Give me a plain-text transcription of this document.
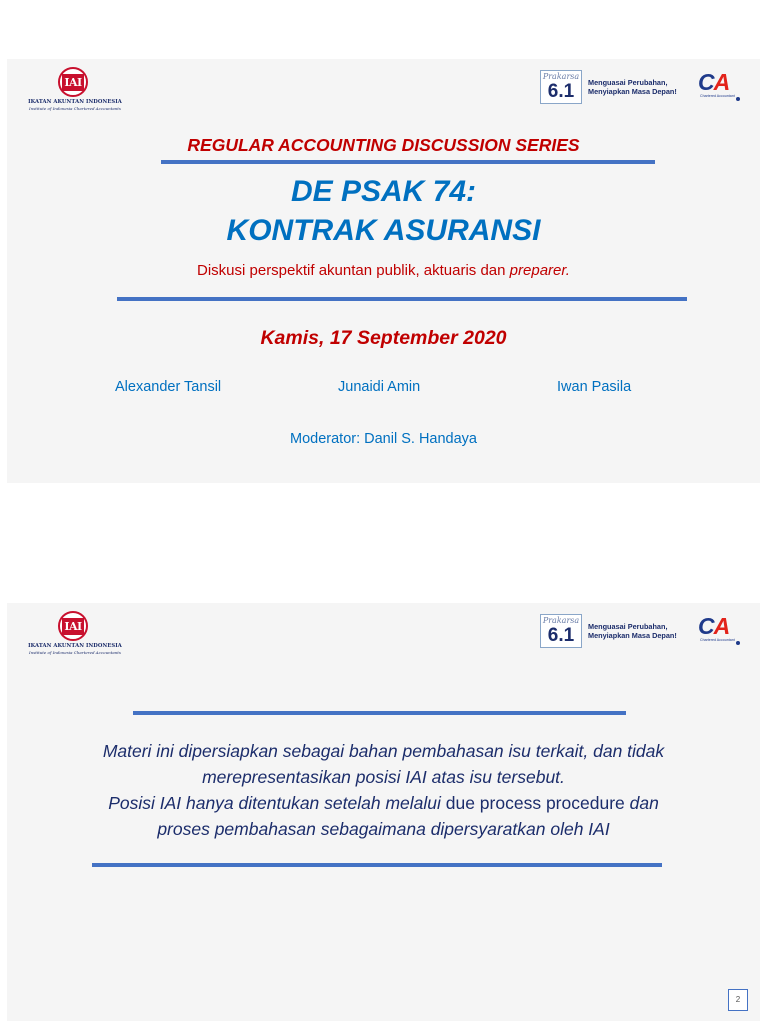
IAI
IKATAN AKUNTAN INDONESIA
Institute of Indonesia Chartered Accountants
Prakarsa
6.1	Menguasai Perubahan,
Menyiapkan Masa Depan! CA
Chartered Accountant
REGULAR ACCOUNTING DISCUSSION SERIES
DE PSAK 74:
KONTRAK ASURANSI
Diskusi perspektif akuntan publik, aktuaris dan preparer.
Kamis, 17 September 2020
Alexander Tansil	Junaidi Amin	Iwan Pasila
Moderator: Danil S. Handaya
IAI
IKATAN AKUNTAN INDONESIA
Institute of Indonesia Chartered Accountants
Prakarsa
6.1	Menguasai Perubahan,
Menyiapkan Masa Depan! CA
Chartered Accountant
Materi ini dipersiapkan sebagai bahan pembahasan isu terkait, dan tidak
merepresentasikan posisi IAI atas isu tersebut.
Posisi IAI hanya ditentukan setelah melalui due process procedure dan
proses pembahasan sebagaimana dipersyaratkan oleh IAI
2
